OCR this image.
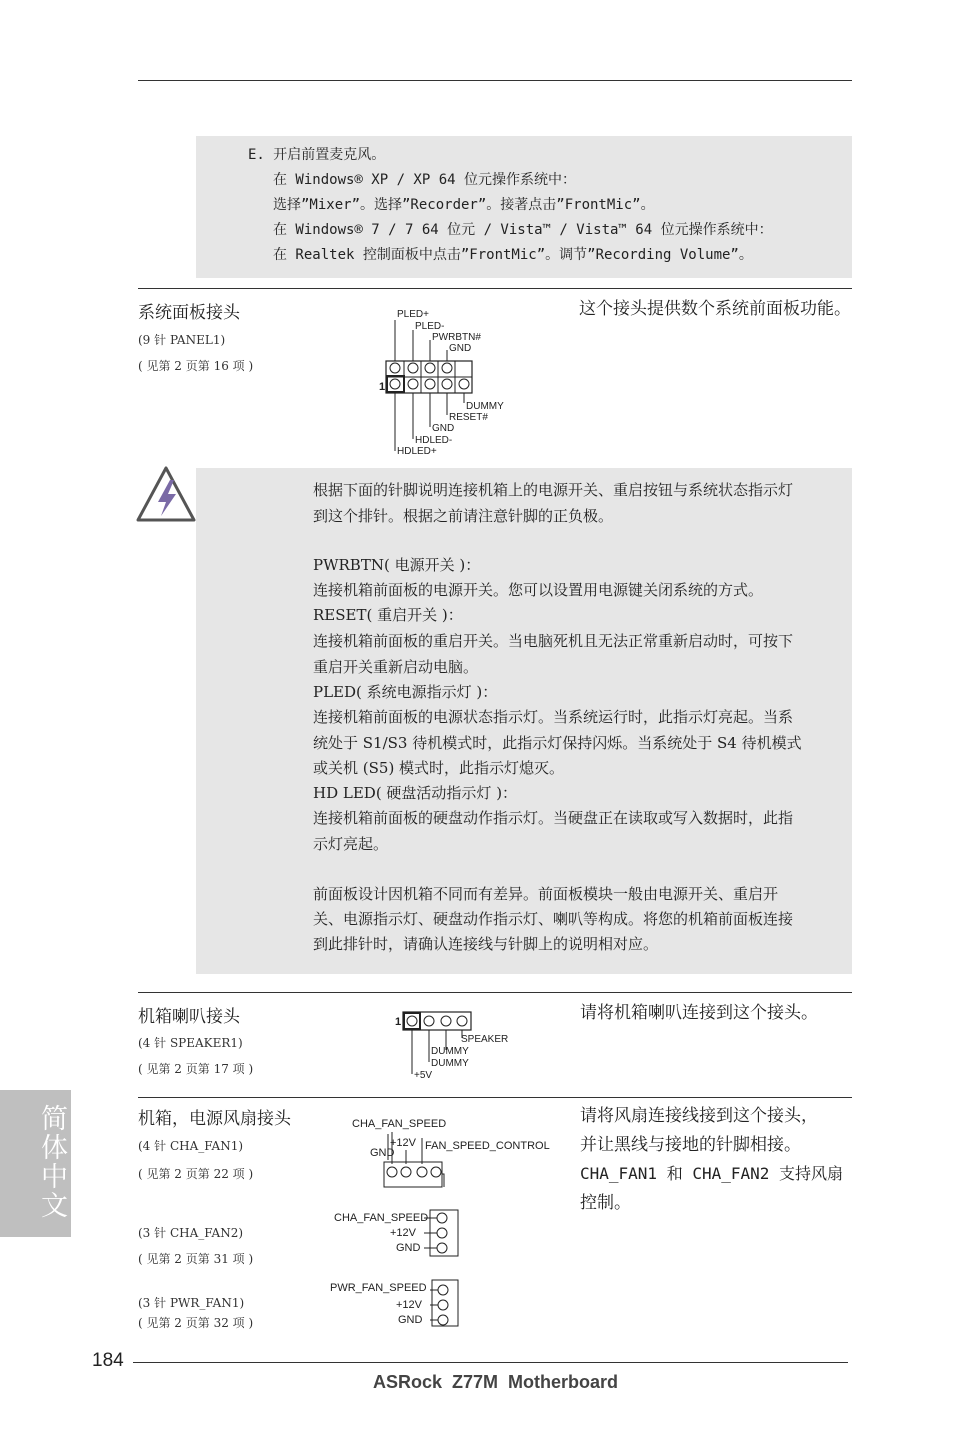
E. 开启前置麦克风。
在 Windows® XP / XP 64 位元操作系统中：
选择”Mixer”。选择”Recorder”。接著点击”FrontMic”。
在 Windows® 7 / 7 64 位元 / Vista™ / Vista™ 64 位元操作系统中：
在 Realtek 控制面板中点击”FrontMic”。调节”Recording Volume”。
系统面板接头
(9 针 PANEL1)
( 见第 2 页第 16 项 )
这个接头提供数个系统前面板功能。
1
PLED+
PLED-
PWRBTN#
GND
DUMMY
RESET#
GND
HDLED-
HDLED+
根据下面的针脚说明连接机箱上的电源开关、重启按钮与系统状态指示灯
到这个排针。根据之前请注意针脚的正负极。
PWRBTN( 电源开关 )：
连接机箱前面板的电源开关。您可以设置用电源键关闭系统的方式。
RESET( 重启开关 )：
连接机箱前面板的重启开关。当电脑死机且无法正常重新启动时，可按下
重启开关重新启动电脑。
PLED( 系统电源指示灯 )：
连接机箱前面板的电源状态指示灯。当系统运行时，此指示灯亮起。当系
统处于 S1/S3 待机模式时，此指示灯保持闪烁。当系统处于 S4 待机模式
或关机 (S5) 模式时，此指示灯熄灭。
HD LED( 硬盘活动指示灯 )：
连接机箱前面板的硬盘动作指示灯。当硬盘正在读取或写入数据时，此指
示灯亮起。
前面板设计因机箱不同而有差异。前面板模块一般由电源开关、重启开
关、电源指示灯、硬盘动作指示灯、喇叭等构成。将您的机箱前面板连接
到此排针时，请确认连接线与针脚上的说明相对应。
机箱喇叭接头
(4 针 SPEAKER1)
( 见第 2 页第 17 项 )
请将机箱喇叭连接到这个接头。
1
SPEAKER
DUMMY
DUMMY
+5V
机箱，电源风扇接头
(4 针 CHA_FAN1)
( 见第 2 页第 22 项 )
(3 针 CHA_FAN2)
( 见第 2 页第 31 项 )
(3 针 PWR_FAN1)
( 见第 2 页第 32 项 )
请将风扇连接线接到这个接头，
并让黑线与接地的针脚相接。
CHA_FAN1 和 CHA_FAN2 支持风扇
控制。
CHA_FAN_SPEED
GND
+12V FAN_SPEED_CONTROL
CHA_FAN_SPEED
+12V
GND
PWR_FAN_SPEED
+12V
GND
简体中文
184
ASRock  Z77M  Motherboard
